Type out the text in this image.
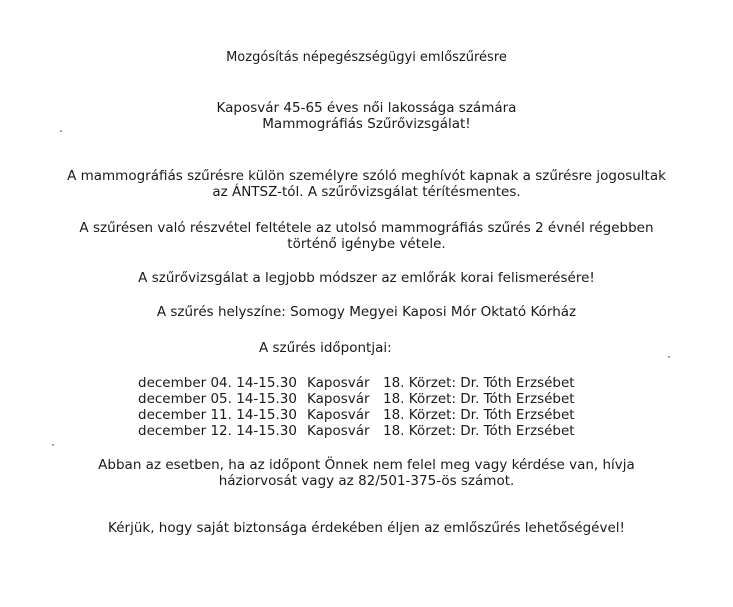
Mozgósítás népegészségügyi emlőszűrésre
Kaposvár 45-65 éves női lakossága számára
Mammográfiás Szűrővizsgálat!
A mammográfiás szűrésre külön személyre szóló meghívót kapnak a szűrésre jogosultak
az ÁNTSZ-tól. A szűrővizsgálat térítésmentes.
A szűrésen való részvétel feltétele az utolsó mammográfiás szűrés 2 évnél régebben
történő igénybe vétele.
A szűrővizsgálat a legjobb módszer az emlőrák korai felismerésére!
A szűrés helyszíne: Somogy Megyei Kaposi Mór Oktató Kórház
A szűrés időpontjai:
december 04. 14-15.30 Kaposvár 18. Körzet: Dr. Tóth Erzsébet
december 05. 14-15.30 Kaposvár 18. Körzet: Dr. Tóth Erzsébet
december 11. 14-15.30 Kaposvár 18. Körzet: Dr. Tóth Erzsébet
december 12. 14-15.30 Kaposvár 18. Körzet: Dr. Tóth Erzsébet
Abban az esetben, ha az időpont Önnek nem felel meg vagy kérdése van, hívja
háziorvosát vagy az 82/501-375-ös számot.
Kérjük, hogy saját biztonsága érdekében éljen az emlőszűrés lehetőségével!
